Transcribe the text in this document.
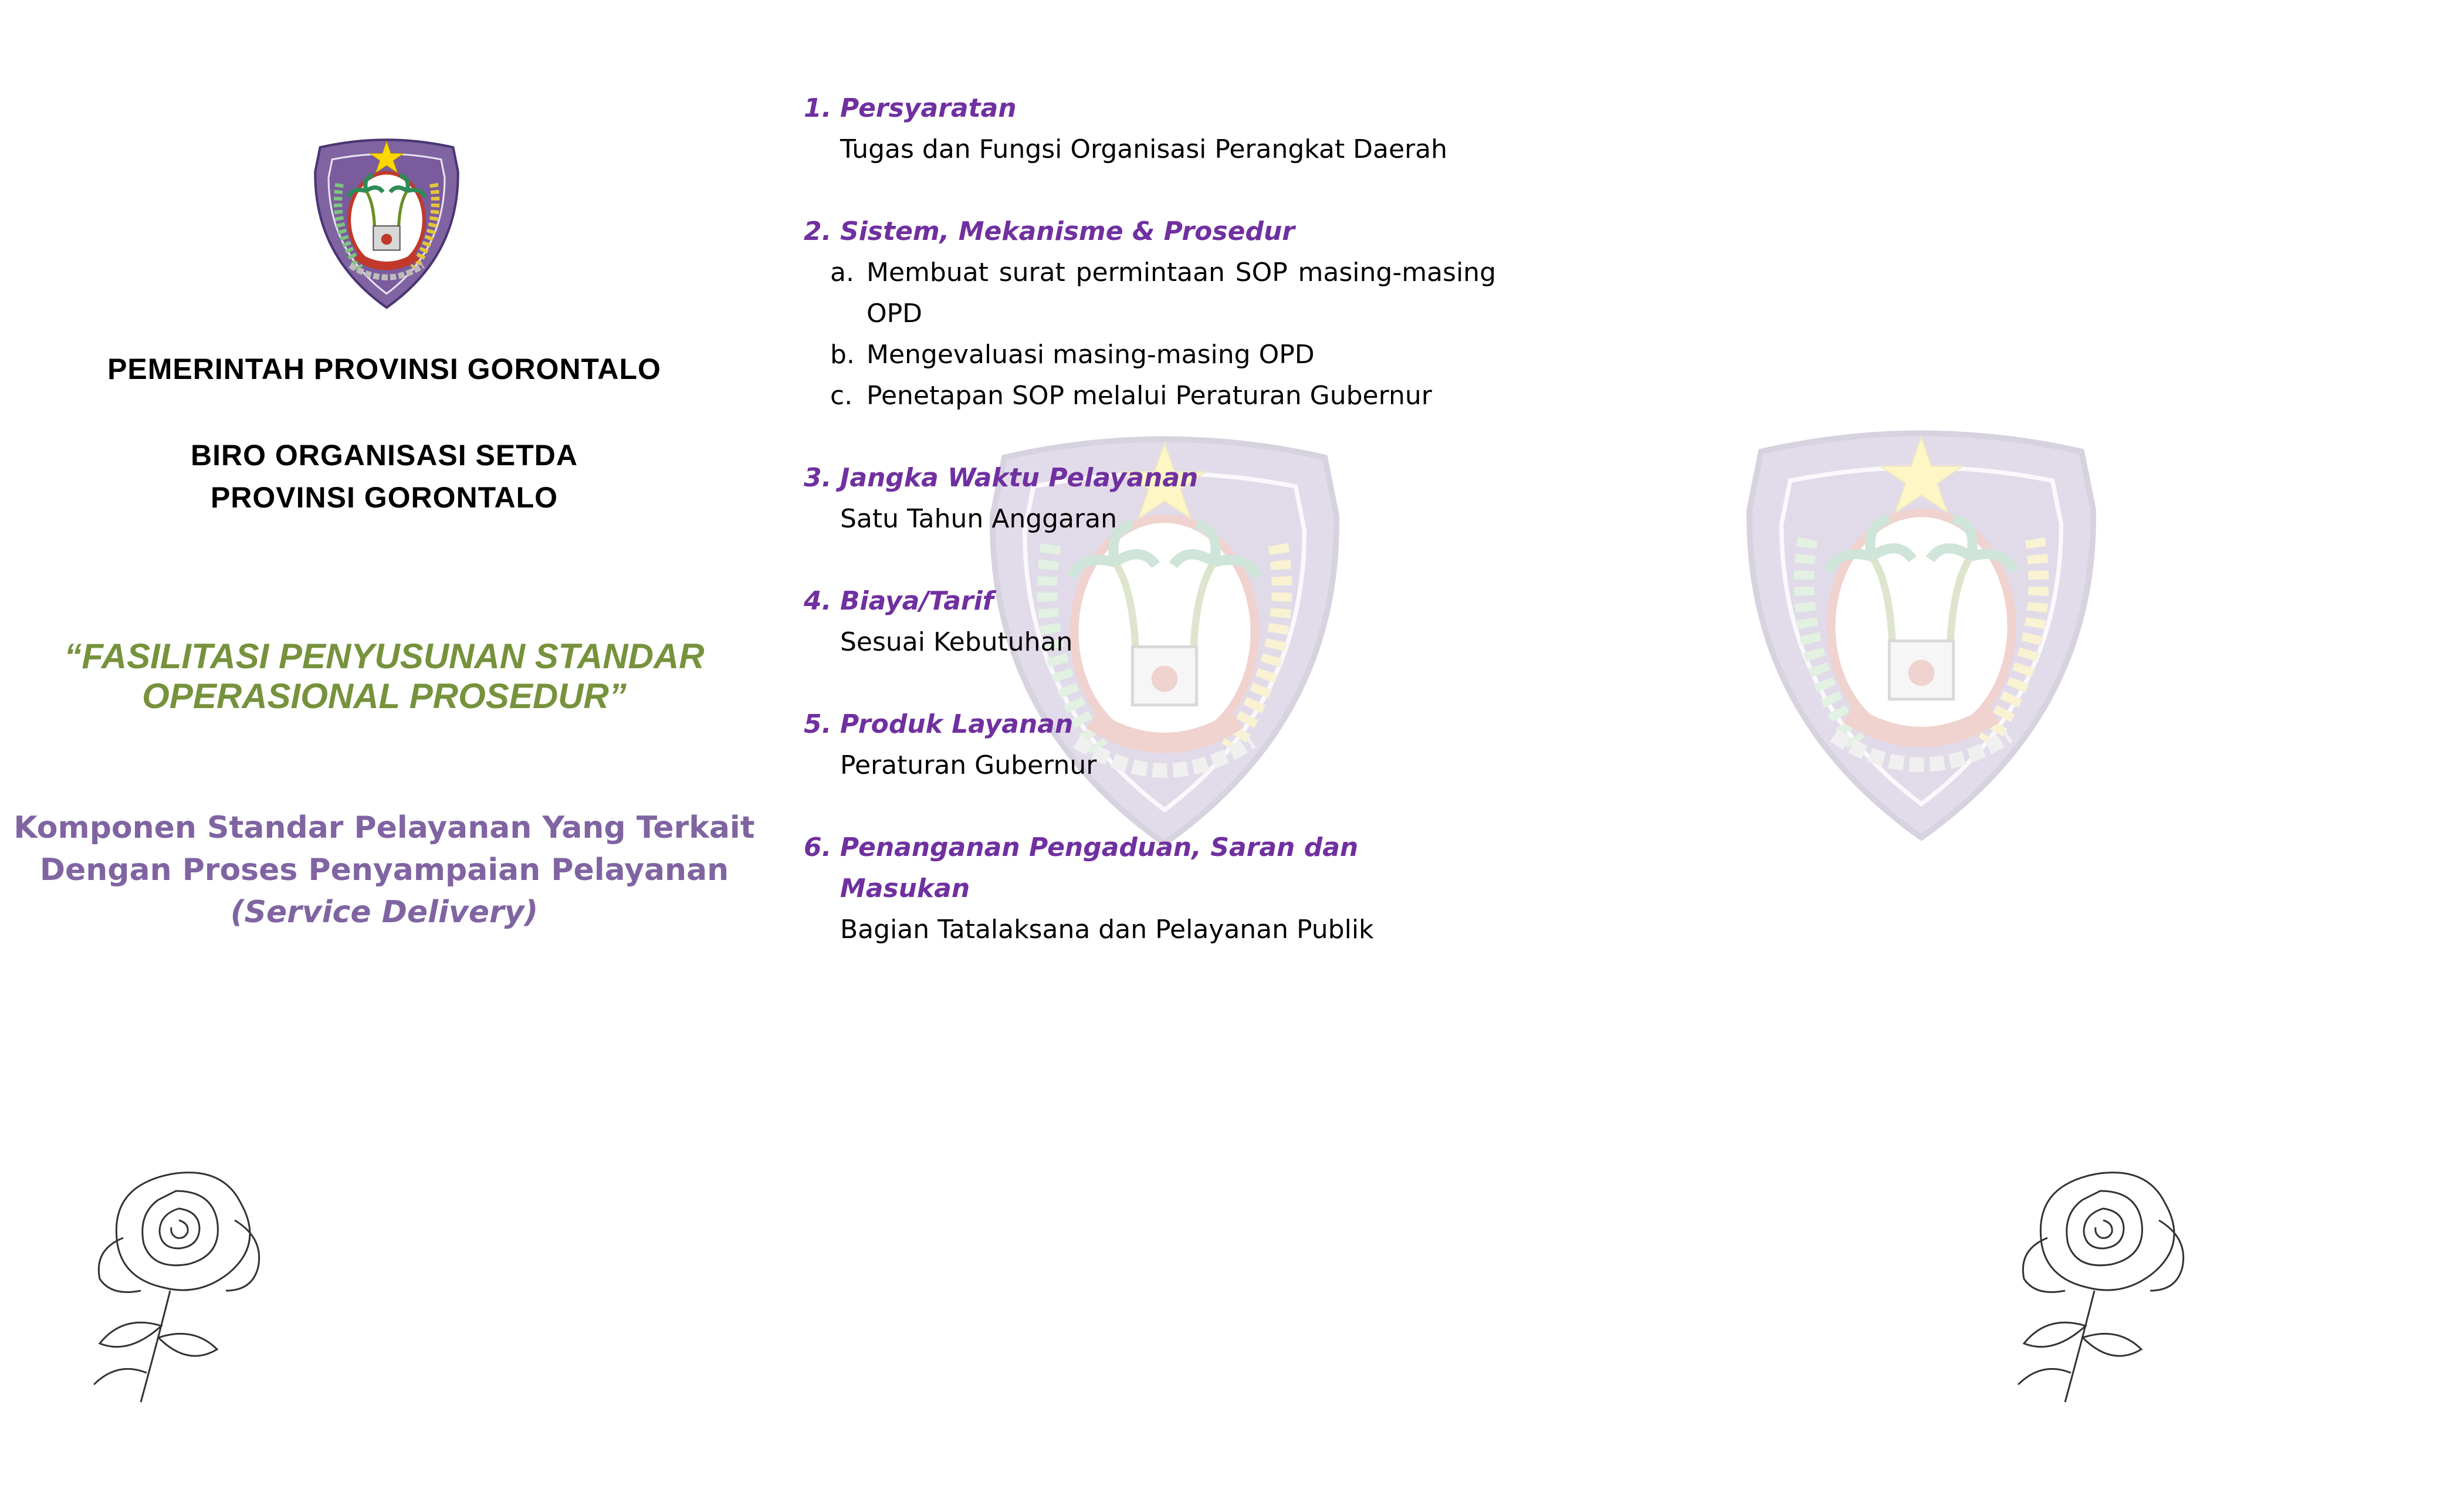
PEMERINTAH PROVINSI GORONTALO
BIRO ORGANISASI SETDA
PROVINSI GORONTALO
“FASILITASI PENYUSUNAN STANDAR
OPERASIONAL PROSEDUR”
Komponen Standar Pelayanan Yang Terkait
Dengan Proses Penyampaian Pelayanan
(Service Delivery)
1. Persyaratan
Tugas dan Fungsi Organisasi Perangkat Daerah
2. Sistem, Mekanisme & Prosedur
a. Membuat surat permintaan SOP masing-masing OPD
b. Mengevaluasi masing-masing OPD
c. Penetapan SOP melalui Peraturan Gubernur
3. Jangka Waktu Pelayanan
Satu Tahun Anggaran
4. Biaya/Tarif
Sesuai Kebutuhan
5. Produk Layanan
Peraturan Gubernur
6. Penanganan Pengaduan, Saran dan Masukan
Bagian Tatalaksana dan Pelayanan Publik
